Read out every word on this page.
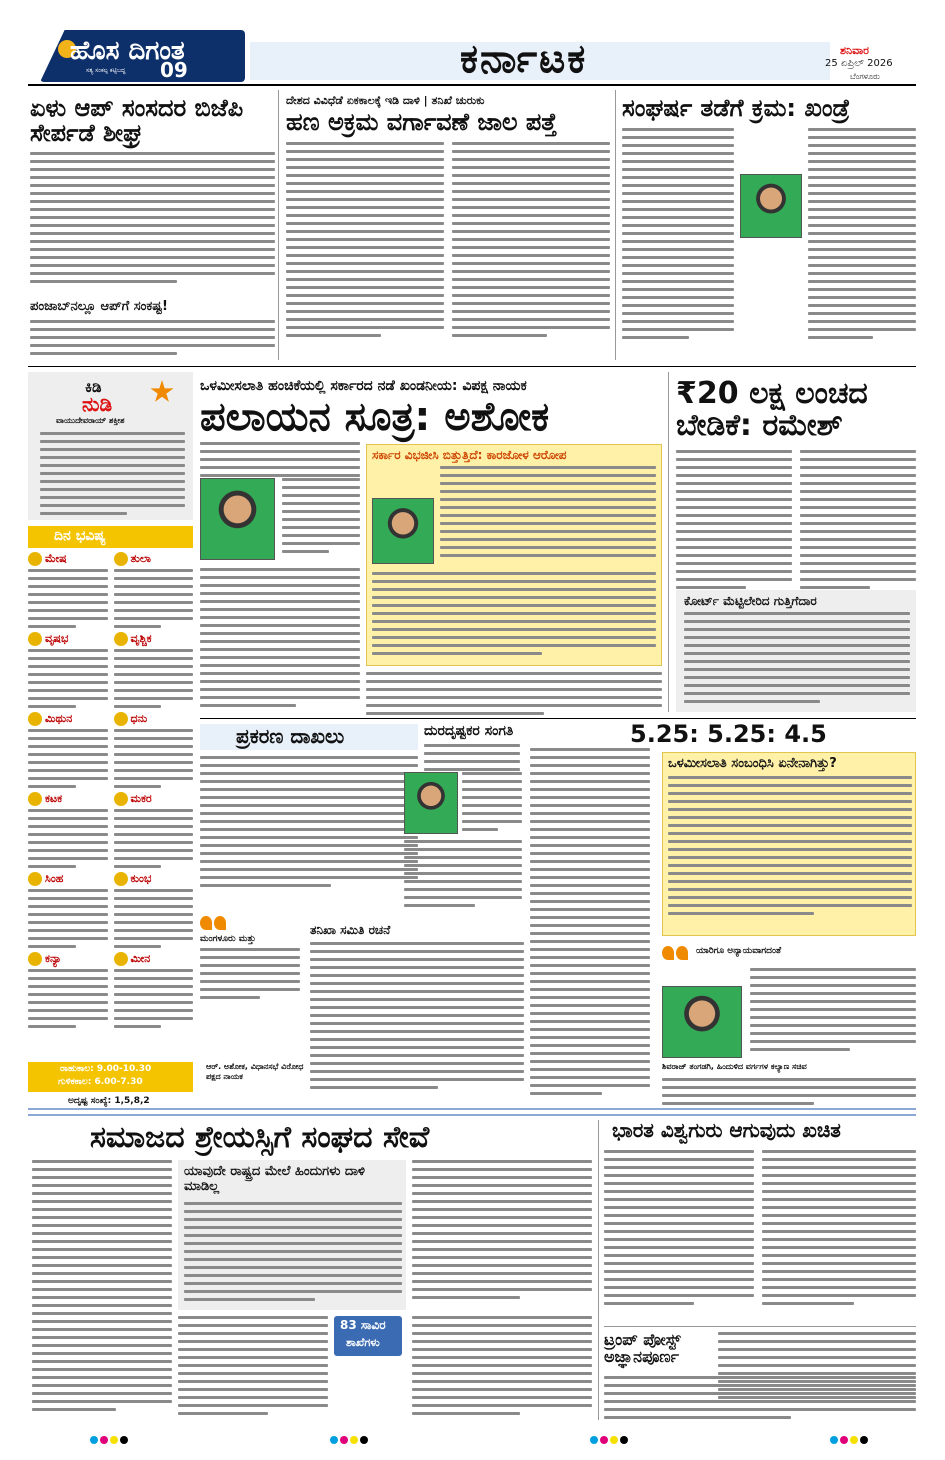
ಹೊಸ ದಿಗಂತ
ಸತ್ಯ ಸಂಕಲ್ಪ ಕಟ್ಟಿಬದ್ಧ 09	ಕರ್ನಾಟಕ	ಶನಿವಾರ
25 ಏಪ್ರಿಲ್ 2026
ಬೆಂಗಳೂರು
ಏಳು ಆಪ್ ಸಂಸದರ ಬಿಜೆಪಿ ಸೇರ್ಪಡೆ ಶೀಘ್ರ
ಪಂಜಾಬ್‌ನಲ್ಲೂ ಆಪ್‌ಗೆ ಸಂಕಷ್ಟ!
ದೇಶದ ವಿವಿಧೆಡೆ ಏಕಕಾಲಕ್ಕೆ ಇಡಿ ದಾಳಿ | ತನಿಖೆ ಚುರುಕು
ಹಣ ಅಕ್ರಮ ವರ್ಗಾವಣೆ ಜಾಲ ಪತ್ತೆ	ಸಂಘರ್ಷ ತಡೆಗೆ ಕ್ರಮ: ಖಂಡ್ರೆ
ಕಿಡಿ
ನುಡಿ
ವಾಯುದೇವರಾಯ್ ಶಕ್ತೀಶ
ದಿನ ಭವಿಷ್ಯ
ಮೇಷ	ತುಲಾ
ವೃಷಭ	ವೃಶ್ಚಿಕ
ಮಿಥುನ	ಧನು
ಕಟಕ	ಮಕರ
ಸಿಂಹ	ಕುಂಭ
ಕನ್ಯಾ	ಮೀನ
ರಾಹುಕಾಲ: 9.00-10.30
ಗುಳಿಕಕಾಲ: 6.00-7.30
ಅದೃಷ್ಟ ಸಂಖ್ಯೆ: 1,5,8,2
ಒಳಮೀಸಲಾತಿ ಹಂಚಿಕೆಯಲ್ಲಿ ಸರ್ಕಾರದ ನಡೆ ಖಂಡನೀಯ: ವಿಪಕ್ಷ ನಾಯಕ
ಪಲಾಯನ ಸೂತ್ರ: ಅಶೋಕ
ಸರ್ಕಾರ ವಿಭಜೀಸಿ ಬಿತ್ತುತ್ತಿದೆ: ಕಾರಜೋಳ ಆರೋಪ
₹20 ಲಕ್ಷ ಲಂಚದ ಬೇಡಿಕೆ: ರಮೇಶ್
ಕೋರ್ಟ್ ಮೆಟ್ಟಿಲೇರಿದ ಗುತ್ತಿಗೆದಾರ
ಪ್ರಕರಣ ದಾಖಲು
ಮಂಗಳೂರು ಮತ್ತು
ಆರ್. ಅಶೋಕ, ವಿಧಾನಸಭೆ ವಿರೋಧ ಪಕ್ಷದ ನಾಯಕ
ದುರದೃಷ್ಟಕರ ಸಂಗತಿ
ತನಿಖಾ ಸಮಿತಿ ರಚನೆ
5.25: 5.25: 4.5
ಒಳಮೀಸಲಾತಿ ಸಂಬಂಧಿಸಿ ಏನೇನಾಗಿತ್ತು?
ಯಾರಿಗೂ ಅನ್ಯಾಯವಾಗದಂತೆ
ಶಿವರಾಜ್ ತಂಗಡಗಿ, ಹಿಂದುಳಿದ ವರ್ಗಗಳ ಕಲ್ಯಾಣ ಸಚಿವ
ಸಮಾಜದ ಶ್ರೇಯಸ್ಸಿಗೆ ಸಂಘದ ಸೇವೆ
ಯಾವುದೇ ರಾಷ್ಟ್ರದ ಮೇಲೆ ಹಿಂದುಗಳು ದಾಳಿ ಮಾಡಿಲ್ಲ
83 ಸಾವಿರ
ಶಾಖೆಗಳು
ಭಾರತ ವಿಶ್ವಗುರು ಆಗುವುದು ಖಚಿತ
ಟ್ರಂಪ್ ಪೋಸ್ಟ್ ಅಜ್ಞಾನಪೂರ್ಣ
